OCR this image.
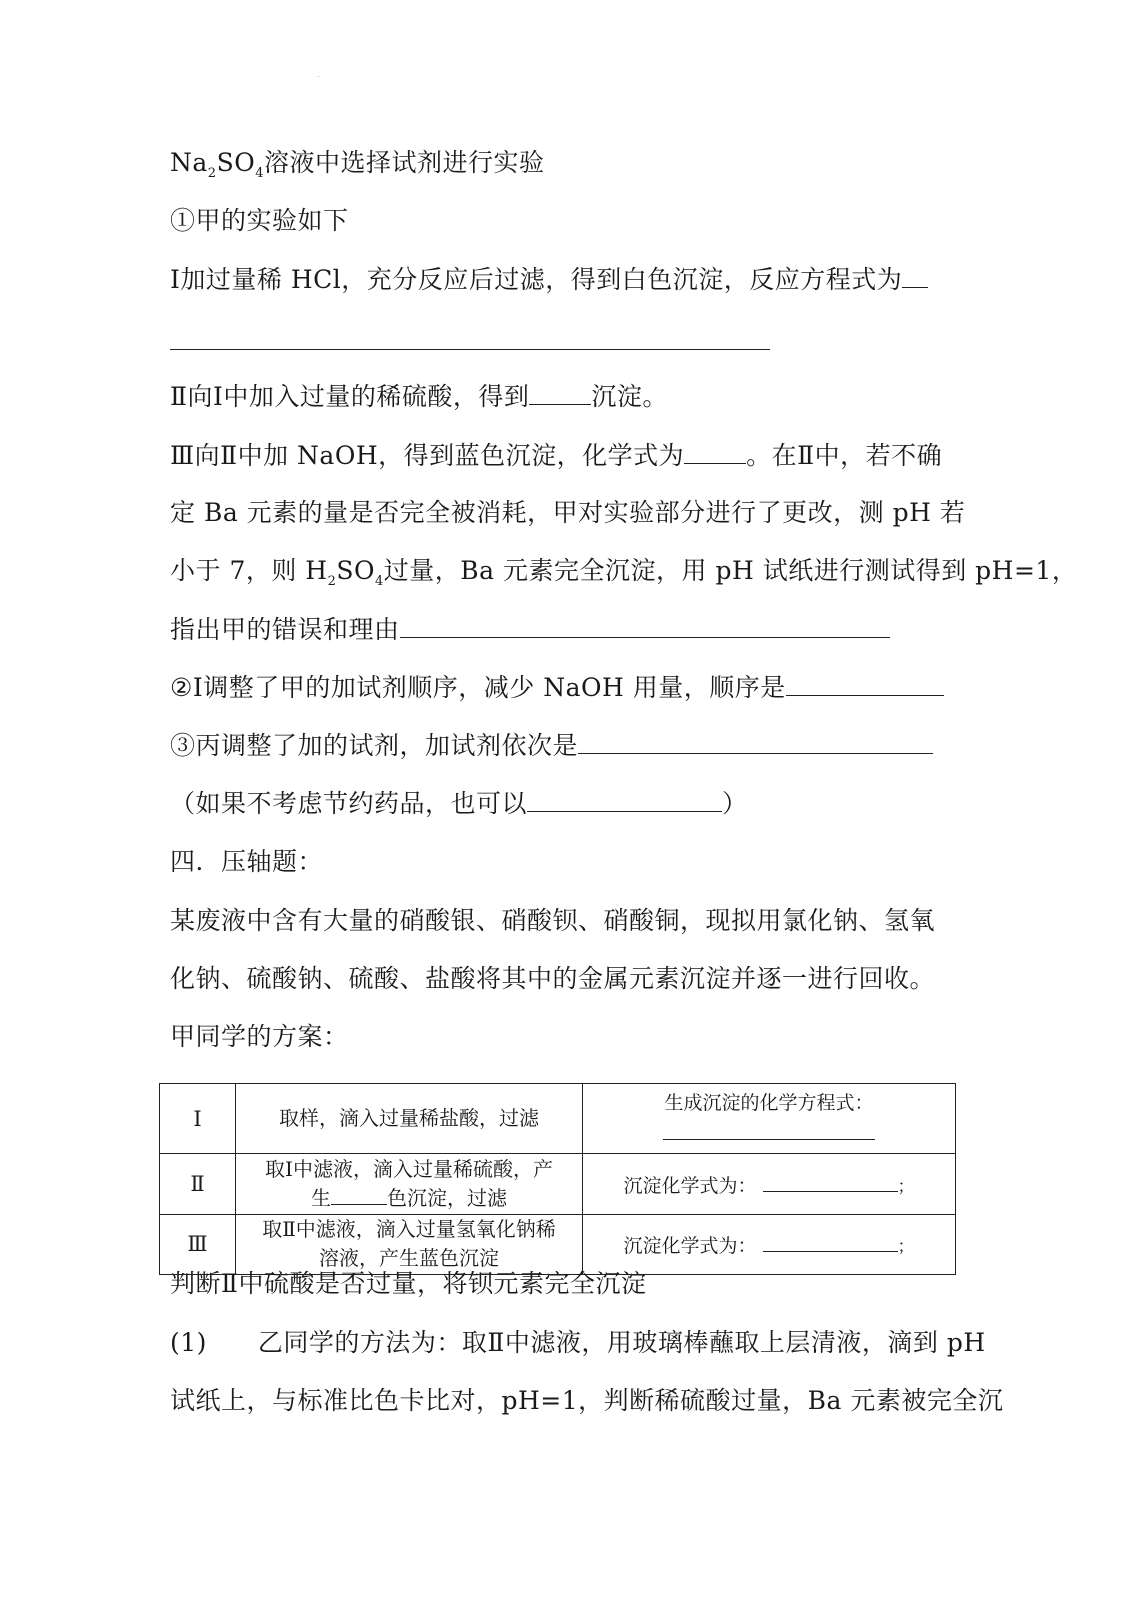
$Na_2SO_4$溶液中选择试剂进行实验
①甲的实验如下
Ⅰ加过量稀 HCl，充分反应后过滤，得到白色沉淀，反应方程式为
Ⅱ向Ⅰ中加入过量的稀硫酸，得到 沉淀。
Ⅲ向Ⅱ中加 NaOH，得到蓝色沉淀，化学式为 。在Ⅱ中，若不确
定 Ba 元素的量是否完全被消耗，甲对实验部分进行了更改，测 pH 若
小于 7，则 $H_2SO_4$过量，Ba 元素完全沉淀，用 pH 试纸进行测试得到 pH=1，
指出甲的错误和理由
②Ⅰ调整了甲的加试剂顺序，减少 NaOH 用量，顺序是
③丙调整了加的试剂，加试剂依次是
（如果不考虑节约药品，也可以	）
四．压轴题：
某废液中含有大量的硝酸银、硝酸钡、硝酸铜，现拟用氯化钠、氢氧
化钠、硫酸钠、硫酸、盐酸将其中的金属元素沉淀并逐一进行回收。
甲同学的方案：
Ⅰ	取样，滴入过量稀盐酸，过滤	生成沉淀的化学方程式：

Ⅱ	取Ⅰ中滤液，滴入过量稀硫酸，产
生 色沉淀，过滤	沉淀化学式为： ；
Ⅲ	取Ⅱ中滤液，滴入过量氢氧化钠稀
溶液，产生蓝色沉淀	沉淀化学式为： ；
判断Ⅱ中硫酸是否过量，将钡元素完全沉淀
(1)　　乙同学的方法为：取Ⅱ中滤液，用玻璃棒蘸取上层清液，滴到 pH
试纸上，与标准比色卡比对，pH=1，判断稀硫酸过量，Ba 元素被完全沉
